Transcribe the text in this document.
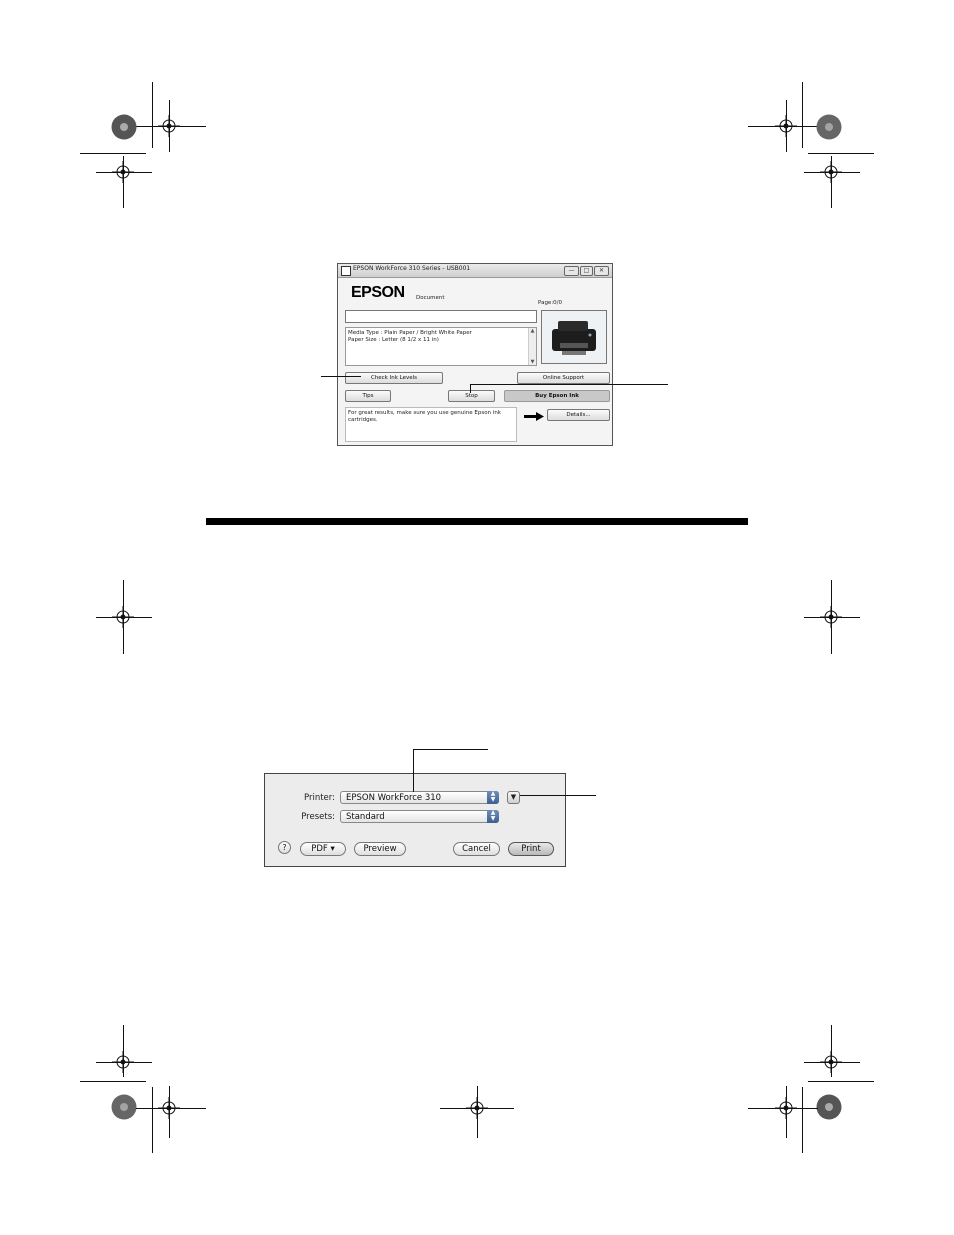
EPSON WorkForce 310 Series - USB001	—	□	✕
EPSON Document
Page:0/0
Media Type : Plain Paper / Bright White Paper
Paper Size : Letter (8 1/2 x 11 in)
▲
▼
Check Ink Levels	Online Support
Tips	Stop	Buy Epson Ink
For great results, make sure you use genuine Epson ink
cartridges.
Details...
Printer:	EPSON WorkForce 310	▲
▼	▼
Presets:	Standard	▲
▼
?	PDF ▾	Preview	Cancel	Print
